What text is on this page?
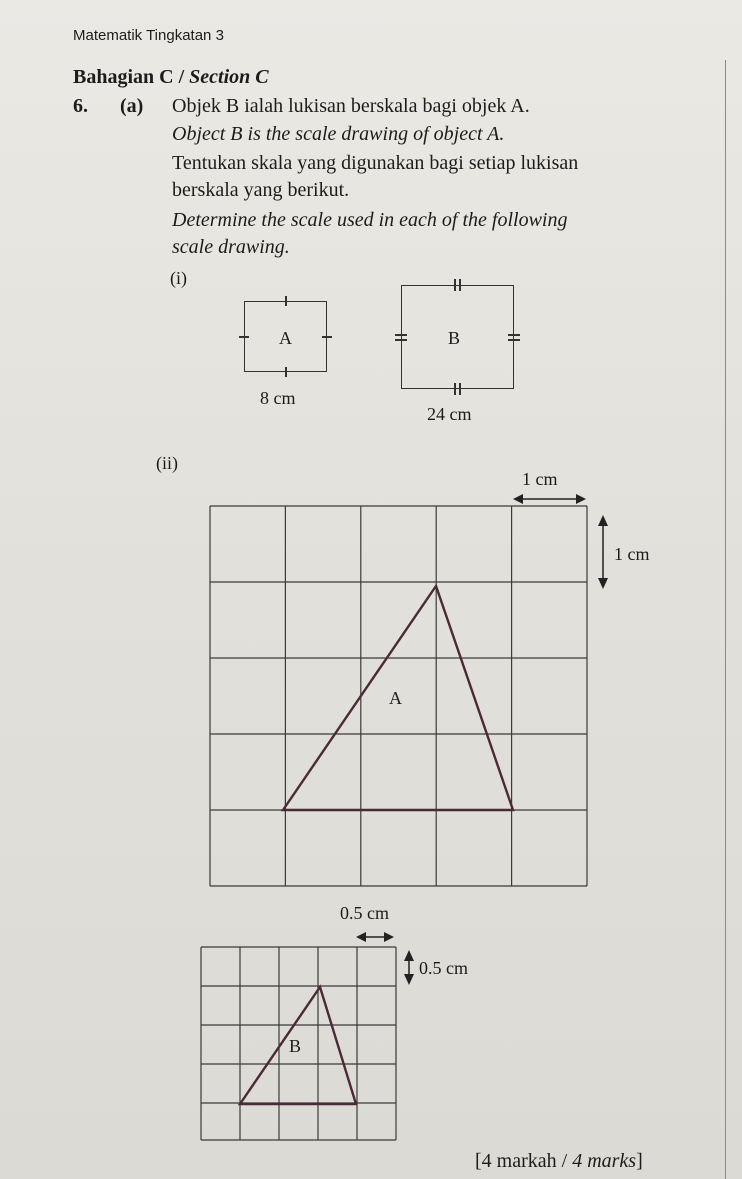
Matematik Tingkatan 3
Bahagian C / Section C
6. (a) Objek B ialah lukisan berskala bagi objek A.
Object B is the scale drawing of object A.
Tentukan skala yang digunakan bagi setiap lukisan
berskala yang berikut.
Determine the scale used in each of the following
scale drawing.
(i)
A
8 cm
B
24 cm
(ii)
1 cm
1 cm
A
0.5 cm
0.5 cm
B
[4 markah / 4 marks]
